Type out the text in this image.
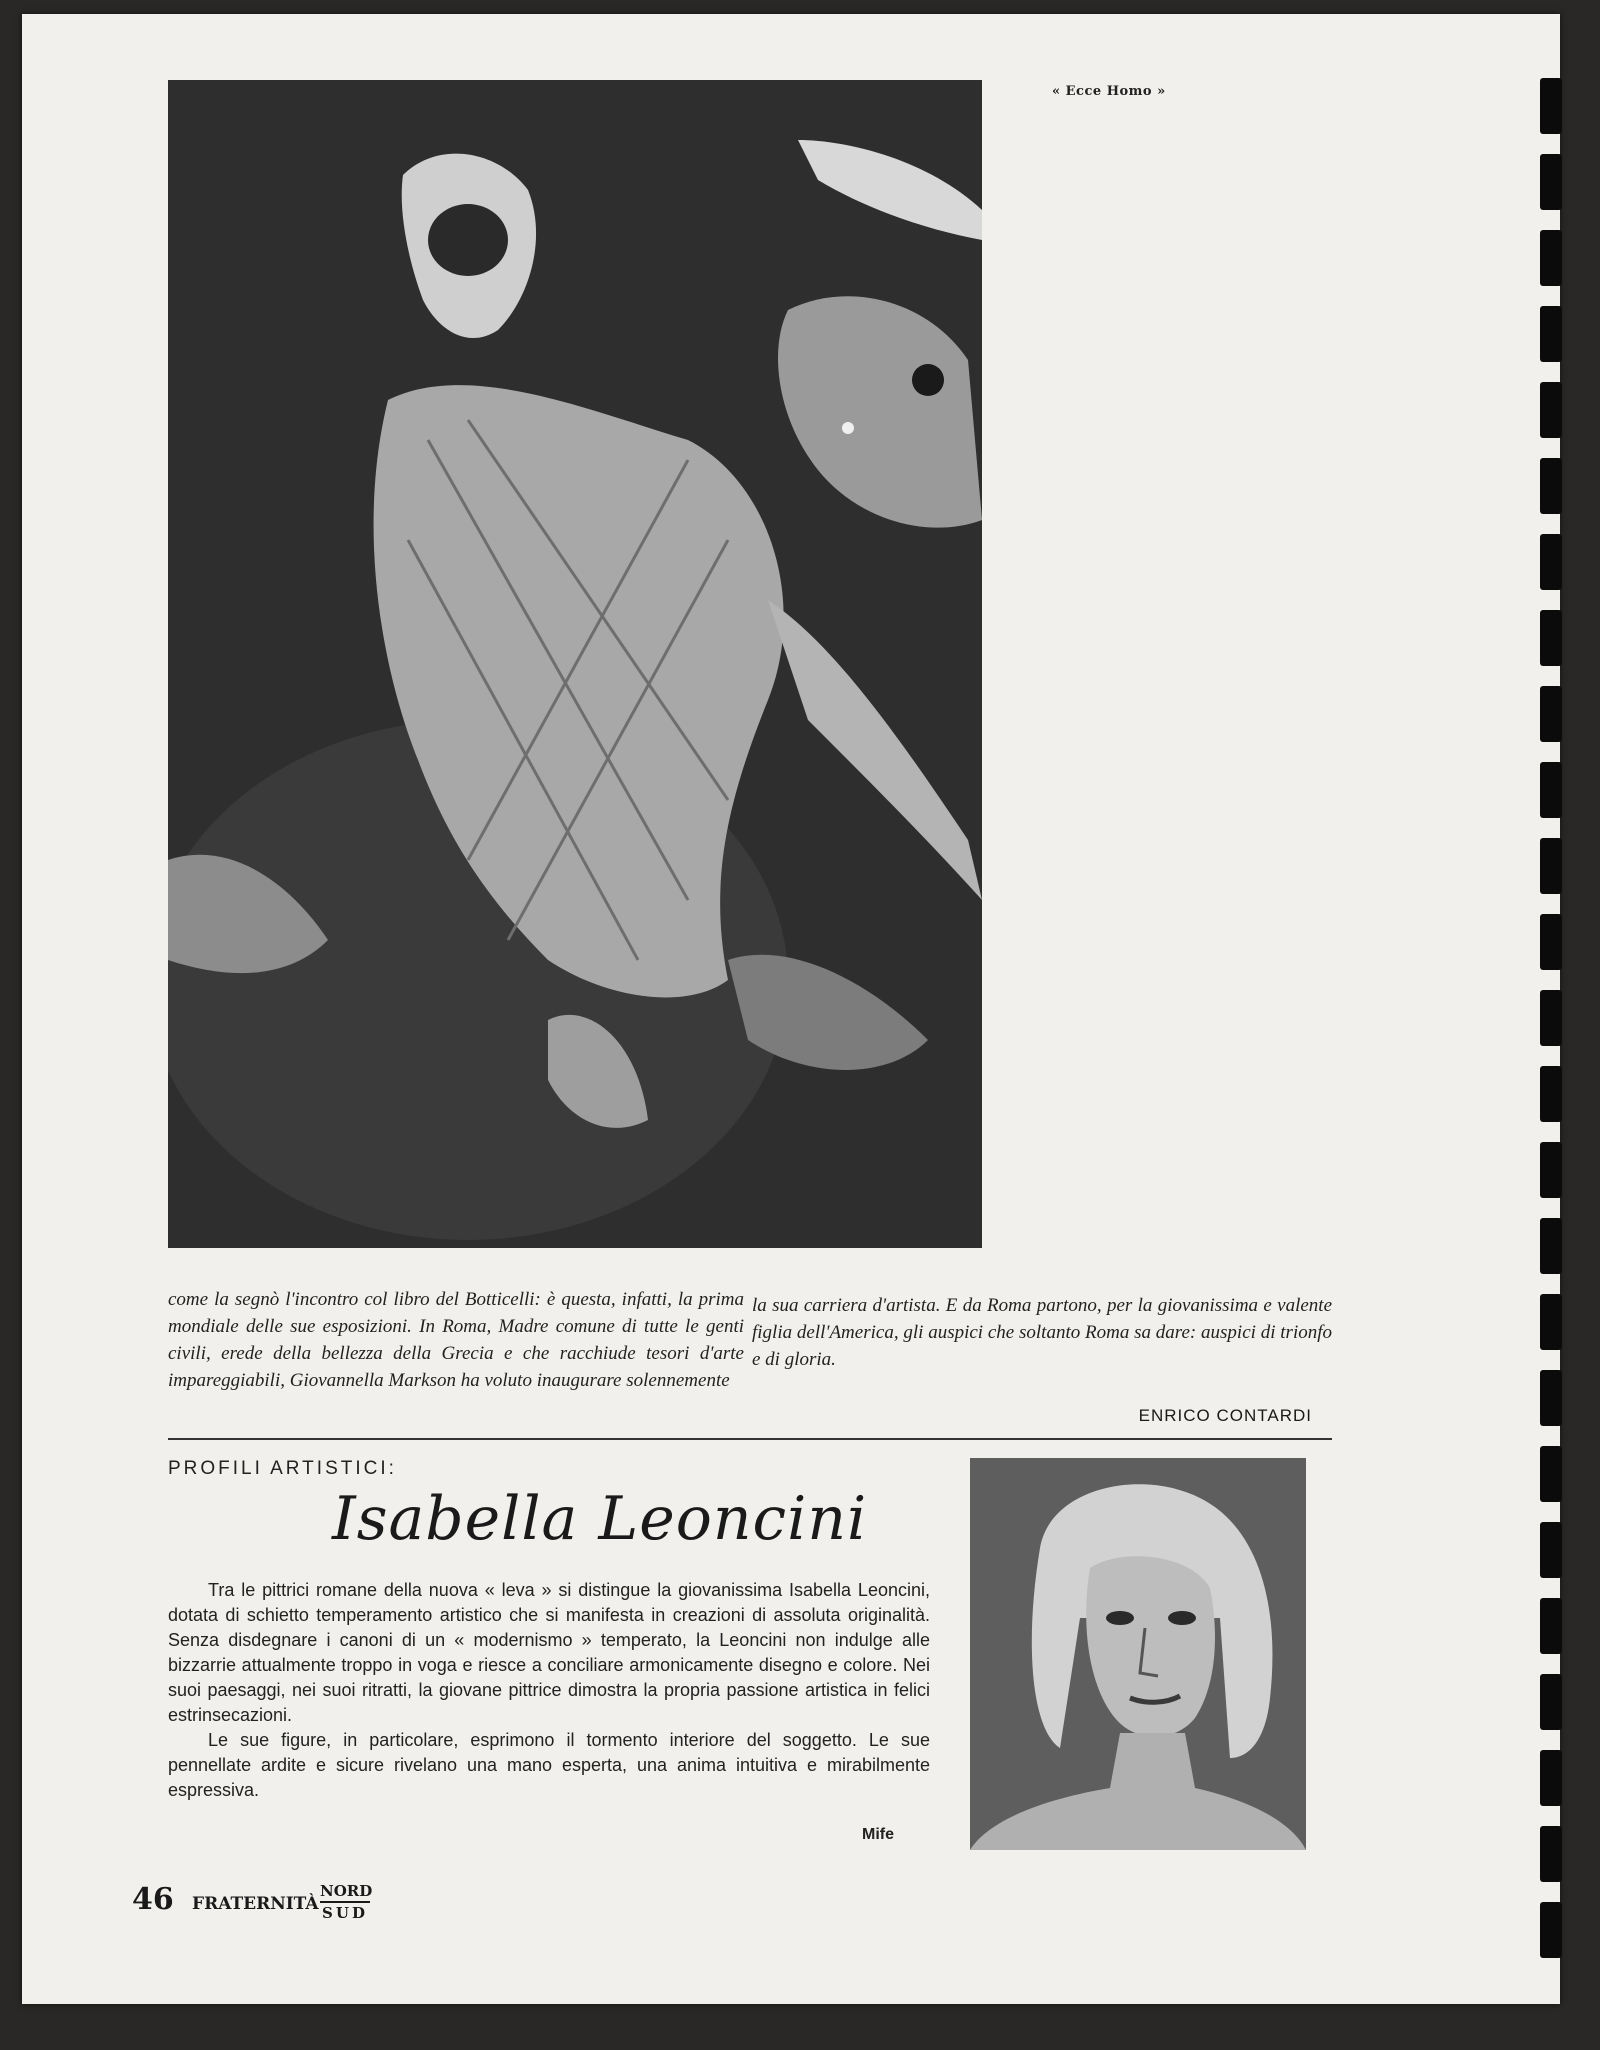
« Ecce Homo »
come la segnò l'incontro col libro del Botticelli: è questa, infatti, la prima mondiale delle sue esposizioni. In Roma, Madre comune di tutte le genti civili, erede della bellezza della Grecia e che racchiude tesori d'arte impareggiabili, Giovannella Markson ha voluto inaugurare solennemente
la sua carriera d'artista. E da Roma partono, per la giovanissima e valente figlia dell'America, gli auspici che soltanto Roma sa dare: auspici di trionfo e di gloria.
ENRICO CONTARDI
PROFILI ARTISTICI:
Isabella Leoncini

Tra le pittrici romane della nuova « leva » si distingue la giovanissima Isabella Leoncini, dotata di schietto temperamento artistico che si manifesta in creazioni di assoluta originalità. Senza disdegnare i canoni di un « modernismo » temperato, la Leoncini non indulge alle bizzarrie attualmente troppo in voga e riesce a conciliare armonicamente disegno e colore. Nei suoi paesaggi, nei suoi ritratti, la giovane pittrice dimostra la propria passione artistica in felici estrinsecazioni.

Le sue figure, in particolare, esprimono il tormento interiore del soggetto. Le sue pennellate ardite e sicure rivelano una mano esperta, una anima intuitiva e mirabilmente espressiva.

Mife
46	FRATERNITÀ
NORD
SUD
